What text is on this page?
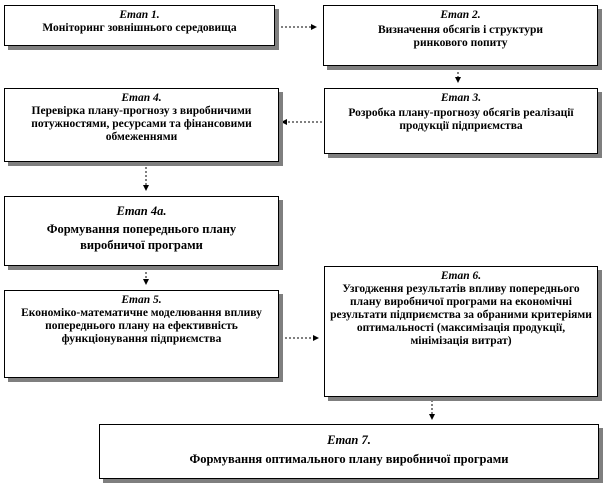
Етап 1.
Моніторинг зовнішнього середовища
Етап 2.
Визначення обсягів і структури ринкового попиту
Етап 4.
Перевірка плану-прогнозу з виробничими потужностями, ресурсами та фінансовими обмеженнями
Етап 3.
Розробка плану-прогнозу обсягів реалізації продукції підприємства
Етап 4а.
Формування попереднього плану виробничої програми
Етап 5.
Економіко-математичне моделювання впливу попереднього плану на ефективність функціонування підприємства
Етап 6.
Узгодження результатів впливу попереднього плану виробничої програми на економічні результати підприємства за обраними критеріями оптимальності (максимізація продукції, мінімізація витрат)
Етап 7.
Формування оптимального плану виробничої програми
